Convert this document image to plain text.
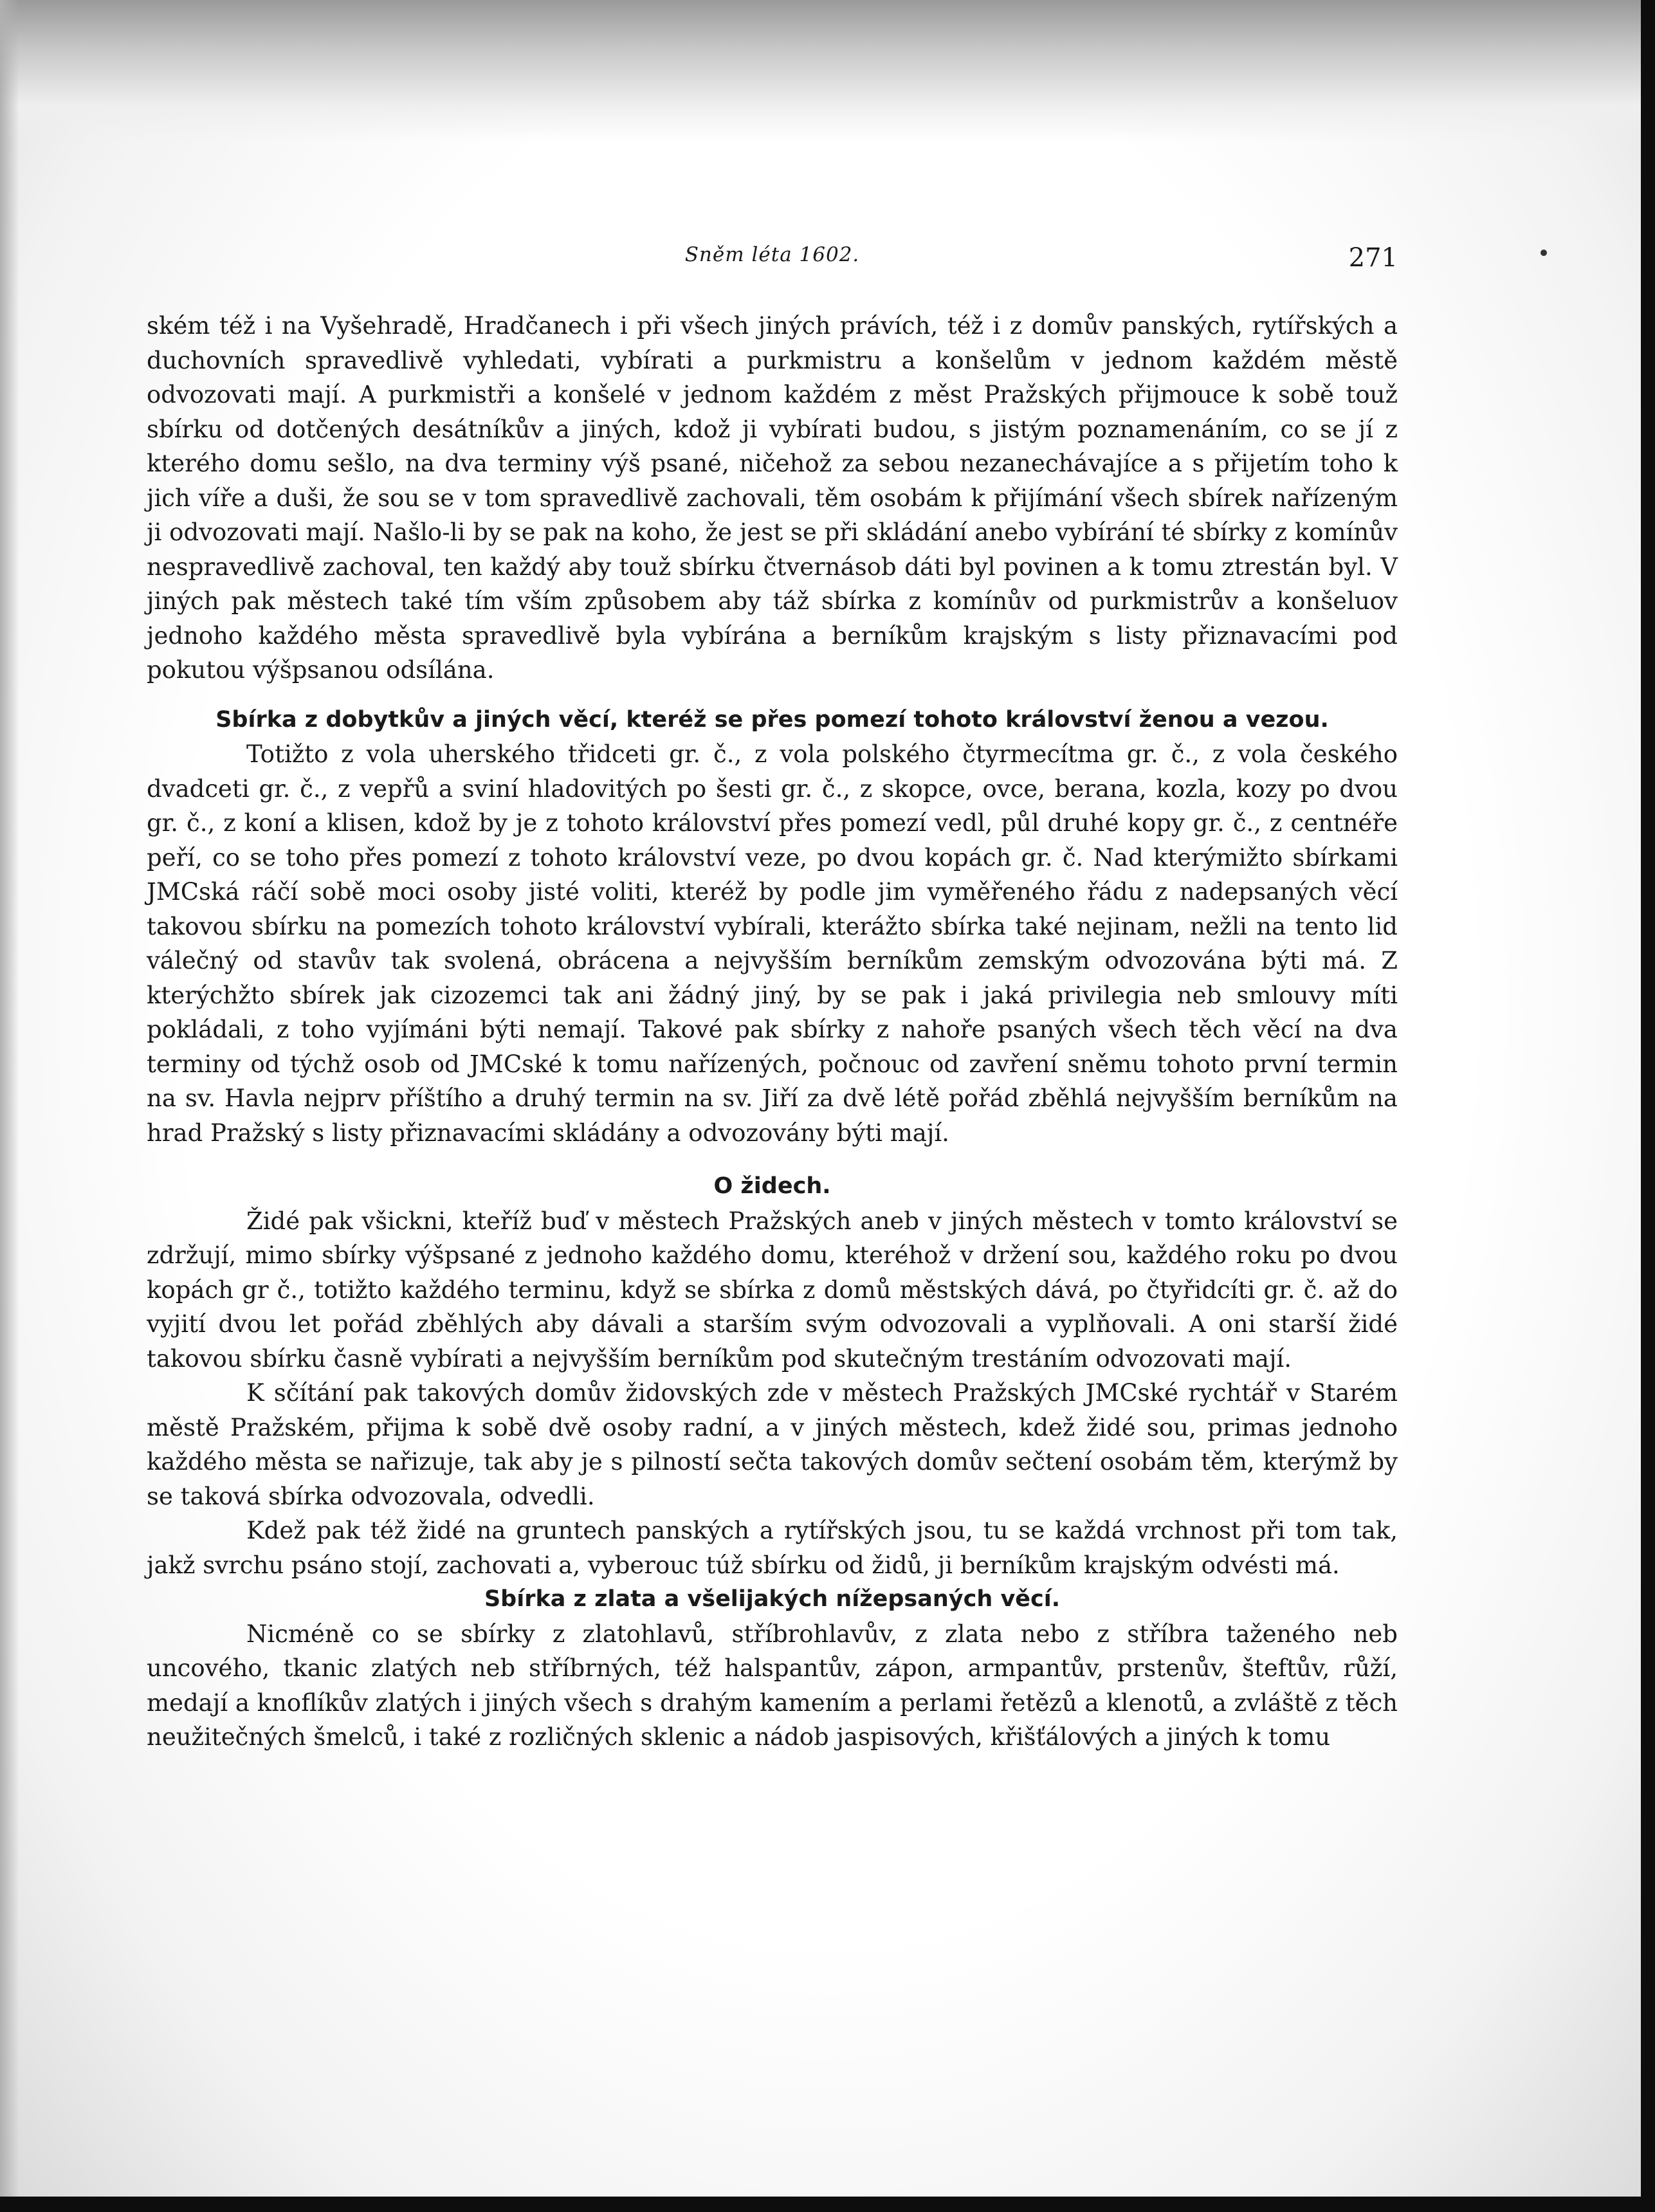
Sněm léta 1602.	271

ském též i na Vyšehradě, Hradčanech i při všech jiných právích, též i z domův panských, rytířských a duchovních spravedlivě vyhledati, vybírati a purkmistru a konšelům v jednom každém městě odvozovati mají. A purkmistři a konšelé v jednom každém z měst Pražských přijmouce k sobě touž sbírku od dotčených desátníkův a jiných, kdož ji vybírati budou, s jistým poznamenáním, co se jí z kterého domu sešlo, na dva terminy výš psané, ničehož za sebou nezanechávajíce a s přijetím toho k jich víře a duši, že sou se v tom spravedlivě zachovali, těm osobám k přijímání všech sbírek nařízeným ji odvozovati mají. Našlo-li by se pak na koho, že jest se při skládání anebo vybírání té sbírky z komínův nespravedlivě zachoval, ten každý aby touž sbírku čtvernásob dáti byl povinen a k tomu ztrestán byl. V jiných pak městech také tím vším způsobem aby táž sbírka z komínův od purkmistrův a konšeluov jednoho každého města spravedlivě byla vybírána a berníkům krajským s listy přiznavacími pod pokutou výšpsanou odsílána.

Sbírka z dobytkův a jiných věcí, kteréž se přes pomezí tohoto království ženou a vezou.

Totižto z vola uherského třidceti gr. č., z vola polského čtyrmecítma gr. č., z vola českého dvadceti gr. č., z vepřů a sviní hladovitých po šesti gr. č., z skopce, ovce, berana, kozla, kozy po dvou gr. č., z koní a klisen, kdož by je z tohoto království přes pomezí vedl, půl druhé kopy gr. č., z centnéře peří, co se toho přes pomezí z tohoto království veze, po dvou kopách gr. č. Nad kterýmižto sbírkami JMCská ráčí sobě moci osoby jisté voliti, kteréž by podle jim vyměřeného řádu z nadepsaných věcí takovou sbírku na pomezích tohoto království vybírali, kterážto sbírka také nejinam, nežli na tento lid válečný od stavův tak svolená, obrácena a nejvyšším berníkům zemským odvozována býti má. Z kterýchžto sbírek jak cizozemci tak ani žádný jiný, by se pak i jaká privilegia neb smlouvy míti pokládali, z toho vyjímáni býti nemají. Takové pak sbírky z nahoře psaných všech těch věcí na dva terminy od týchž osob od JMCské k tomu nařízených, počnouc od zavření sněmu tohoto první termin na sv. Havla nejprv příštího a druhý termin na sv. Jiří za dvě létě pořád zběhlá nejvyšším berníkům na hrad Pražský s listy přiznavacími skládány a odvozovány býti mají.

O židech.

Židé pak všickni, kteříž buď v městech Pražských aneb v jiných městech v tomto království se zdržují, mimo sbírky výšpsané z jednoho každého domu, kteréhož v držení sou, každého roku po dvou kopách gr č., totižto každého terminu, když se sbírka z domů městských dává, po čtyřidcíti gr. č. až do vyjití dvou let pořád zběhlých aby dávali a starším svým odvozovali a vyplňovali. A oni starší židé takovou sbírku časně vybírati a nejvyšším berníkům pod skutečným trestáním odvozovati mají.

K sčítání pak takových domův židovských zde v městech Pražských JMCské rychtář v Starém městě Pražském, přijma k sobě dvě osoby radní, a v jiných městech, kdež židé sou, primas jednoho každého města se nařizuje, tak aby je s pilností sečta takových domův sečtení osobám těm, kterýmž by se taková sbírka odvozovala, odvedli.

Kdež pak též židé na gruntech panských a rytířských jsou, tu se každá vrchnost při tom tak, jakž svrchu psáno stojí, zachovati a, vyberouc túž sbírku od židů, ji berníkům krajským odvésti má.

Sbírka z zlata a všelijakých nížepsaných věcí.

Nicméně co se sbírky z zlatohlavů, stříbrohlavův, z zlata nebo z stříbra taženého neb uncového, tkanic zlatých neb stříbrných, též halspantův, zápon, armpantův, prstenův, šteftův, růží, medají a knoflíkův zlatých i jiných všech s drahým kamením a perlami řetězů a klenotů, a zvláště z těch neužitečných šmelců, i také z rozličných sklenic a nádob jaspisových, křišťálových a jiných k tomu
